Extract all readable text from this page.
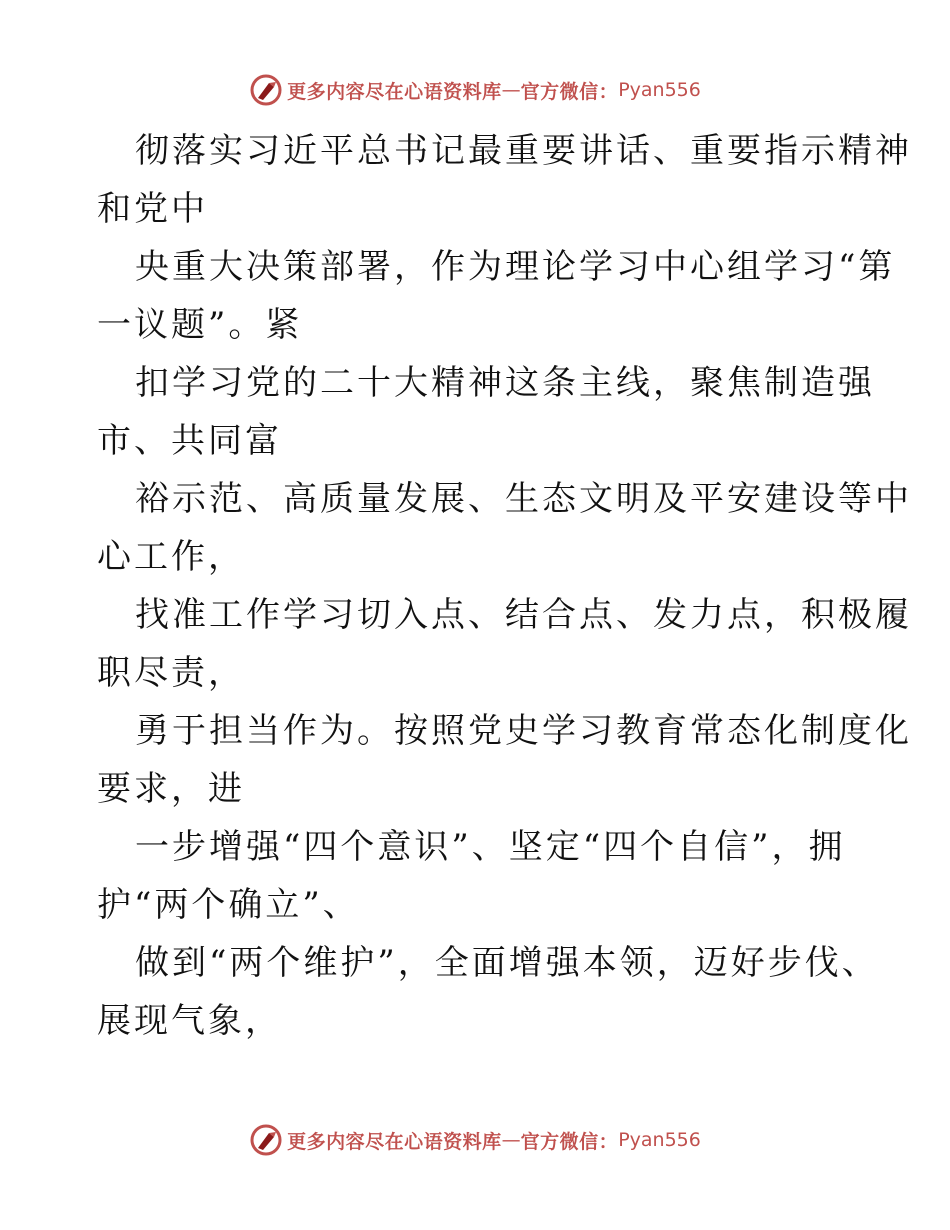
更多内容尽在心语资料库 — 官方微信： Pyan556
彻落实习近平总书记最重要讲话、重要指示精神
和党中
央重大决策部署，作为理论学习中心组学习“第
一议题”。紧
扣学习党的二十大精神这条主线，聚焦制造强
市、共同富
裕示范、高质量发展、生态文明及平安建设等中
心工作，
找准工作学习切入点、结合点、发力点，积极履
职尽责，
勇于担当作为。按照党史学习教育常态化制度化
要求，进
一步增强“四个意识”、坚定“四个自信”，拥
护“两个确立”、
做到“两个维护”，全面增强本领，迈好步伐、
展现气象，
更多内容尽在心语资料库 — 官方微信： Pyan556
